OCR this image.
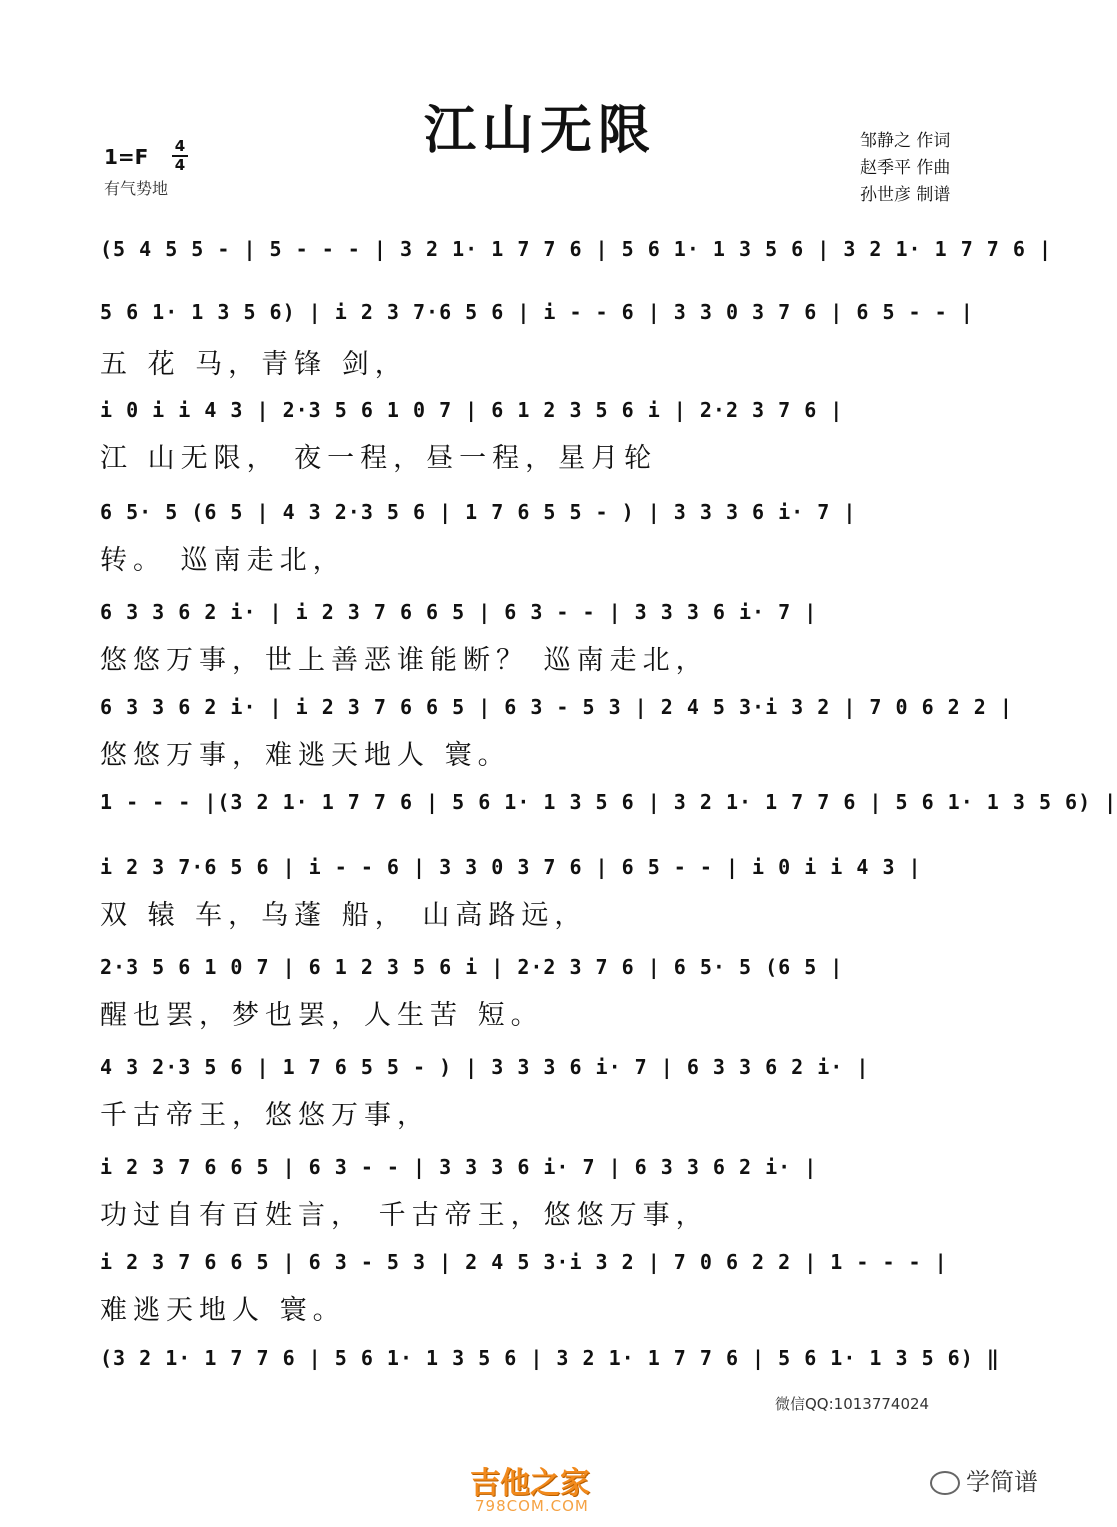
江山无限
1=F 4
4
有气势地
邹静之 作词
赵季平 作曲
孙世彦 制谱
(5 4 5 5 - | 5 - - - | 3 2 1· 1 7 7 6 | 5 6 1· 1 3 5 6 | 3 2 1· 1 7 7 6 |
5 6 1· 1 3 5 6) | i 2 3 7·6 5 6 | i - - 6 | 3 3 0 3 7 6 | 6 5 - - |
五 花 马，青锋 剑，
i 0 i i 4 3 | 2·3 5 6 1 0 7 | 6 1 2 3 5 6 i | 2·2 3 7 6 |
江 山无限， 夜一程，昼一程，星月轮
6 5· 5 (6 5 | 4 3 2·3 5 6 | 1 7 6 5 5 - ) | 3 3 3 6 i· 7 |
转。 巡南走北，
6 3 3 6 2 i· | i 2 3 7 6 6 5 | 6 3 - - | 3 3 3 6 i· 7 |
悠悠万事，世上善恶谁能断？ 巡南走北，
6 3 3 6 2 i· | i 2 3 7 6 6 5 | 6 3 - 5 3 | 2 4 5 3·i 3 2 | 7 0 6 2 2 |
悠悠万事，难逃天地人 寰。
1 - - - |(3 2 1· 1 7 7 6 | 5 6 1· 1 3 5 6 | 3 2 1· 1 7 7 6 | 5 6 1· 1 3 5 6) |
i 2 3 7·6 5 6 | i - - 6 | 3 3 0 3 7 6 | 6 5 - - | i 0 i i 4 3 |
双 辕 车，乌蓬 船， 山高路远，
2·3 5 6 1 0 7 | 6 1 2 3 5 6 i | 2·2 3 7 6 | 6 5· 5 (6 5 |
醒也罢，梦也罢，人生苦 短。
4 3 2·3 5 6 | 1 7 6 5 5 - ) | 3 3 3 6 i· 7 | 6 3 3 6 2 i· |
千古帝王，悠悠万事，
i 2 3 7 6 6 5 | 6 3 - - | 3 3 3 6 i· 7 | 6 3 3 6 2 i· |
功过自有百姓言， 千古帝王，悠悠万事，
i 2 3 7 6 6 5 | 6 3 - 5 3 | 2 4 5 3·i 3 2 | 7 0 6 2 2 | 1 - - - |
难逃天地人 寰。
(3 2 1· 1 7 7 6 | 5 6 1· 1 3 5 6 | 3 2 1· 1 7 7 6 | 5 6 1· 1 3 5 6) ‖
微信QQ:1013774024
吉他之家
798COM.COM
学简谱
